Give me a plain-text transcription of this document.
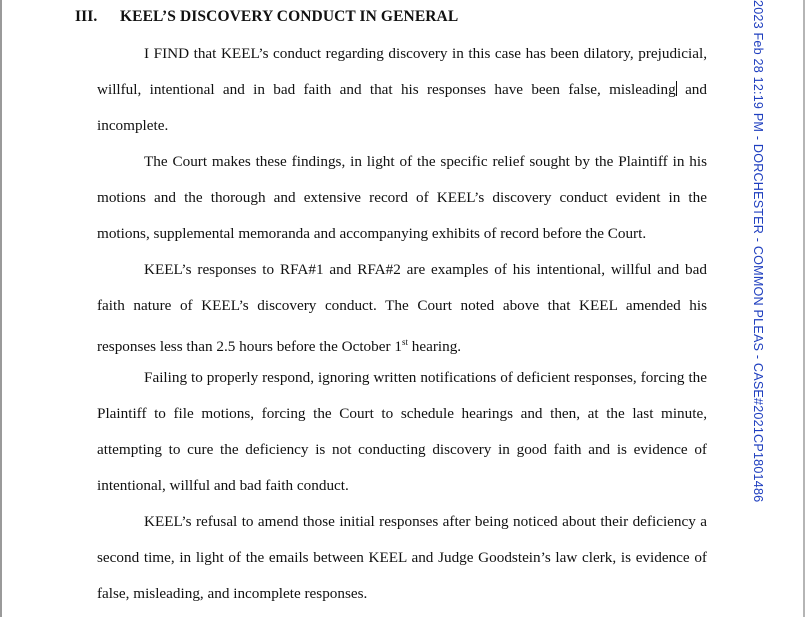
III. KEEL’S DISCOVERY CONDUCT IN GENERAL

I FIND that KEEL’s conduct regarding discovery in this case has been dilatory, prejudicial, willful, intentional and in bad faith and that his responses have been false, misleading and incomplete.

The Court makes these findings, in light of the specific relief sought by the Plaintiff in his motions and the thorough and extensive record of KEEL’s discovery conduct evident in the motions, supplemental memoranda and accompanying exhibits of record before the Court.

KEEL’s responses to RFA#1 and RFA#2 are examples of his intentional, willful and bad faith nature of KEEL’s discovery conduct. The Court noted above that KEEL amended his responses less than 2.5 hours before the October 1st hearing.

Failing to properly respond, ignoring written notifications of deficient responses, forcing the Plaintiff to file motions, forcing the Court to schedule hearings and then, at the last minute, attempting to cure the deficiency is not conducting discovery in good faith and is evidence of intentional, willful and bad faith conduct.

KEEL’s refusal to amend those initial responses after being noticed about their deficiency a second time, in light of the emails between KEEL and Judge Goodstein’s law clerk, is evidence of false, misleading, and incomplete responses.

2023 Feb 28 12:19 PM - DORCHESTER - COMMON PLEAS - CASE#2021CP1801486
